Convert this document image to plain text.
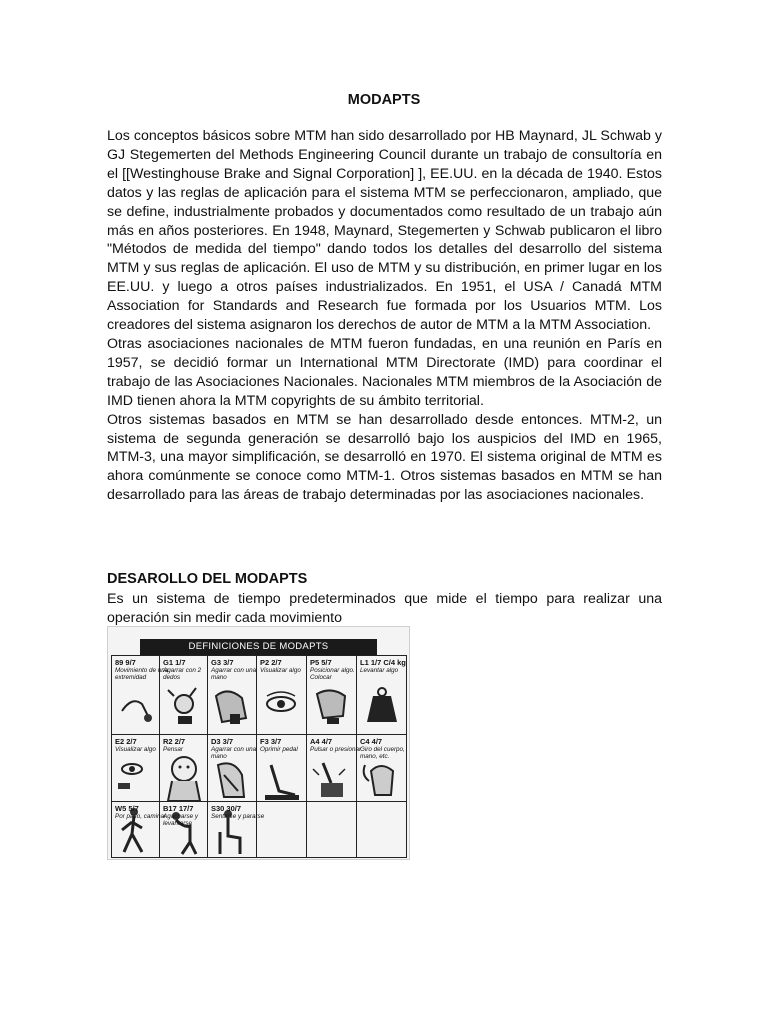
MODAPTS

Los conceptos básicos sobre MTM han sido desarrollado por HB Maynard, JL Schwab y GJ Stegemerten del Methods Engineering Council durante un trabajo de consultoría en el [[Westinghouse Brake and Signal Corporation] ], EE.UU. en la década de 1940. Estos datos y las reglas de aplicación para el sistema MTM se perfeccionaron, ampliado, que se define, industrialmente probados y documentados como resultado de un trabajo aún más en años posteriores. En 1948, Maynard, Stegemerten y Schwab publicaron el libro "Métodos de medida del tiempo" dando todos los detalles del desarrollo del sistema MTM y sus reglas de aplicación. El uso de MTM y su distribución, en primer lugar en los EE.UU. y luego a otros países industrializados. En 1951, el USA / Canadá MTM Association for Standards and Research fue formada por los Usuarios MTM. Los creadores del sistema asignaron los derechos de autor de MTM a la MTM Association.

Otras asociaciones nacionales de MTM fueron fundadas, en una reunión en París en 1957, se decidió formar un International MTM Directorate (IMD) para coordinar el trabajo de las Asociaciones Nacionales. Nacionales MTM miembros de la Asociación de IMD tienen ahora la MTM copyrights de su ámbito territorial.

Otros sistemas basados en MTM se han desarrollado desde entonces. MTM-2, un sistema de segunda generación se desarrolló bajo los auspicios del IMD en 1965, MTM-3, una mayor simplificación, se desarrolló en 1970. El sistema original de MTM es ahora comúnmente se conoce como MTM-1. Otros sistemas basados en MTM se han desarrollado para las áreas de trabajo determinadas por las asociaciones nacionales.

DESAROLLO DEL MODAPTS
Es un sistema de tiempo predeterminados que mide el tiempo para realizar una operación sin medir cada movimiento
DEFINICIONES DE MODAPTS
89 9/7
Movimiento de una extremidad
G1 1/7
Agarrar con 2 dedos
G3 3/7
Agarrar con una mano
P2 2/7
Visualizar algo
P5 5/7
Posicionar algo. Colocar
L1 1/7 C/4 kg
Levantar algo
E2 2/7
Visualizar algo
R2 2/7
Pensar
D3 3/7
Agarrar con una mano
F3 3/7
Oprimir pedal
A4 4/7
Pulsar o presionar
C4 4/7
Giro del cuerpo, mano, etc.
W5 5/7
Por paso, caminar
B17 17/7
Agacharse y levantarse
S30 30/7
Sentarse y pararse
